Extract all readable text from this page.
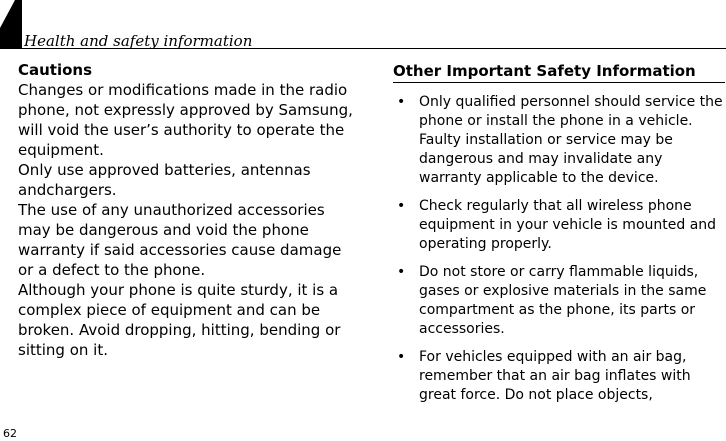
Health and safety information

Cautions

Changes or modifications made in the radio phone, not expressly approved by Samsung, will void the user’s authority to operate the equipment.

Only use approved batteries, antennas andchargers.

The use of any unauthorized accessories may be dangerous and void the phone warranty if said accessories cause damage or a defect to the phone.

Although your phone is quite sturdy, it is a complex piece of equipment and can be broken. Avoid dropping, hitting, bending or sitting on it.

Other Important Safety Information
• Only qualified personnel should service the phone or install the phone in a vehicle. Faulty installation or service may be dangerous and may invalidate any warranty applicable to the device.
• Check regularly that all wireless phone equipment in your vehicle is mounted and operating properly.
• Do not store or carry flammable liquids, gases or explosive materials in the same compartment as the phone, its parts or accessories.
• For vehicles equipped with an air bag, remember that an air bag inflates with great force. Do not place objects,
62
